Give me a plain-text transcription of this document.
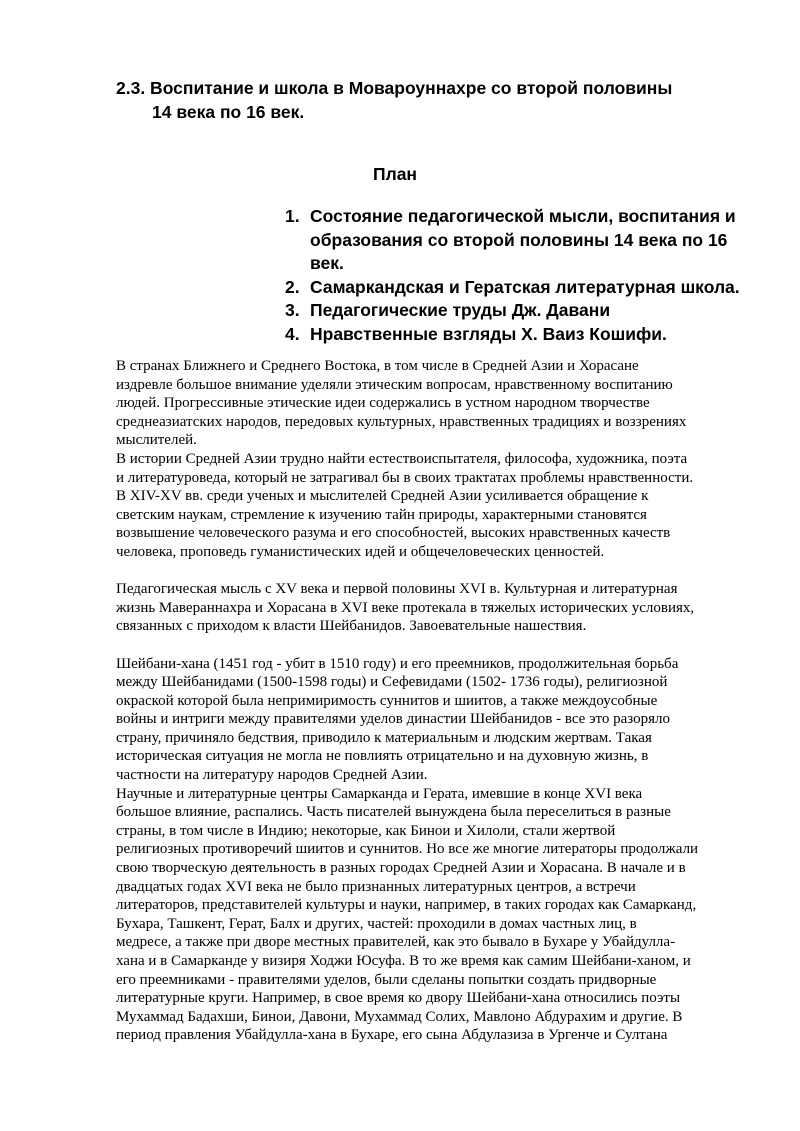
2.3. Воспитание и школа в Мовароуннахре со второй половины
14 века по 16 век.
План
1. Состояние педагогической мысли, воспитания и
образования со второй половины 14 века по 16
век.
2. Самаркандская и Гератская литературная школа.
3. Педагогические труды Дж. Давани
4. Нравственные взгляды Х. Ваиз Кошифи.

В странах Ближнего и Среднего Востока, в том числе в Средней Азии и Хорасане

издревле большое внимание уделяли этическим вопросам, нравственному воспитанию

людей. Прогрессивные этические идеи содержались в устном народном творчестве

среднеазиатских народов, передовых культурных, нравственных традициях и воззрениях

мыслителей.

В истории Средней Азии трудно найти естествоиспытателя, философа, художника, поэта

и литературоведа, который не затрагивал бы в своих трактатах проблемы нравственности.

В XIV-XV вв. среди ученых и мыслителей Средней Азии усиливается обращение к

светским наукам, стремление к изучению тайн природы, характерными становятся

возвышение человеческого разума и его способностей, высоких нравственных качеств

человека, проповедь гуманистических идей и общечеловеческих ценностей.

Педагогическая мысль с XV века и первой половины XVI в. Культурная и литературная

жизнь Мавераннахра и Хорасана в XVI веке протекала в тяжелых исторических условиях,

связанных с приходом к власти Шейбанидов. Завоевательные нашествия.

Шейбани-хана (1451 год - убит в 1510 году) и его преемников, продолжительная борьба

между Шейбанидами (1500-1598 годы) и Сефевидами (1502- 1736 годы), религиозной

окраской которой была непримиримость суннитов и шиитов, а также междоусобные

войны и интриги между правителями уделов династии Шейбанидов - все это разоряло

страну, причиняло бедствия, приводило к материальным и людским жертвам. Такая

историческая ситуация не могла не повлиять отрицательно и на духовную жизнь, в

частности на литературу народов Средней Азии.

Научные и литературные центры Самарканда и Герата, имевшие в конце XVI века

большое влияние, распались. Часть писателей вынуждена была переселиться в разные

страны, в том числе в Индию; некоторые, как Бинои и Хилоли, стали жертвой

религиозных противоречий шиитов и суннитов. Но все же многие литераторы продолжали

свою творческую деятельность в разных городах Средней Азии и Хорасана. В начале и в

двадцатых годах XVI века не было признанных литературных центров, а встречи

литераторов, представителей культуры и науки, например, в таких городах как Самарканд,

Бухара, Ташкент, Герат, Балх и других, частей: проходили в домах частных лиц, в

медресе, а также при дворе местных правителей, как это бывало в Бухаре у Убайдулла-

хана и в Самарканде у визиря Ходжи Юсуфа. В то же время как самим Шейбани-ханом, и

его преемниками - правителями уделов, были сделаны попытки создать придворные

литературные круги. Например, в свое время ко двору Шейбани-хана относились поэты

Мухаммад Бадахши, Бинои, Давони, Мухаммад Солих, Мавлоно Абдурахим и другие. В

период правления Убайдулла-хана в Бухаре, его сына Абдулазиза в Ургенче и Султана
